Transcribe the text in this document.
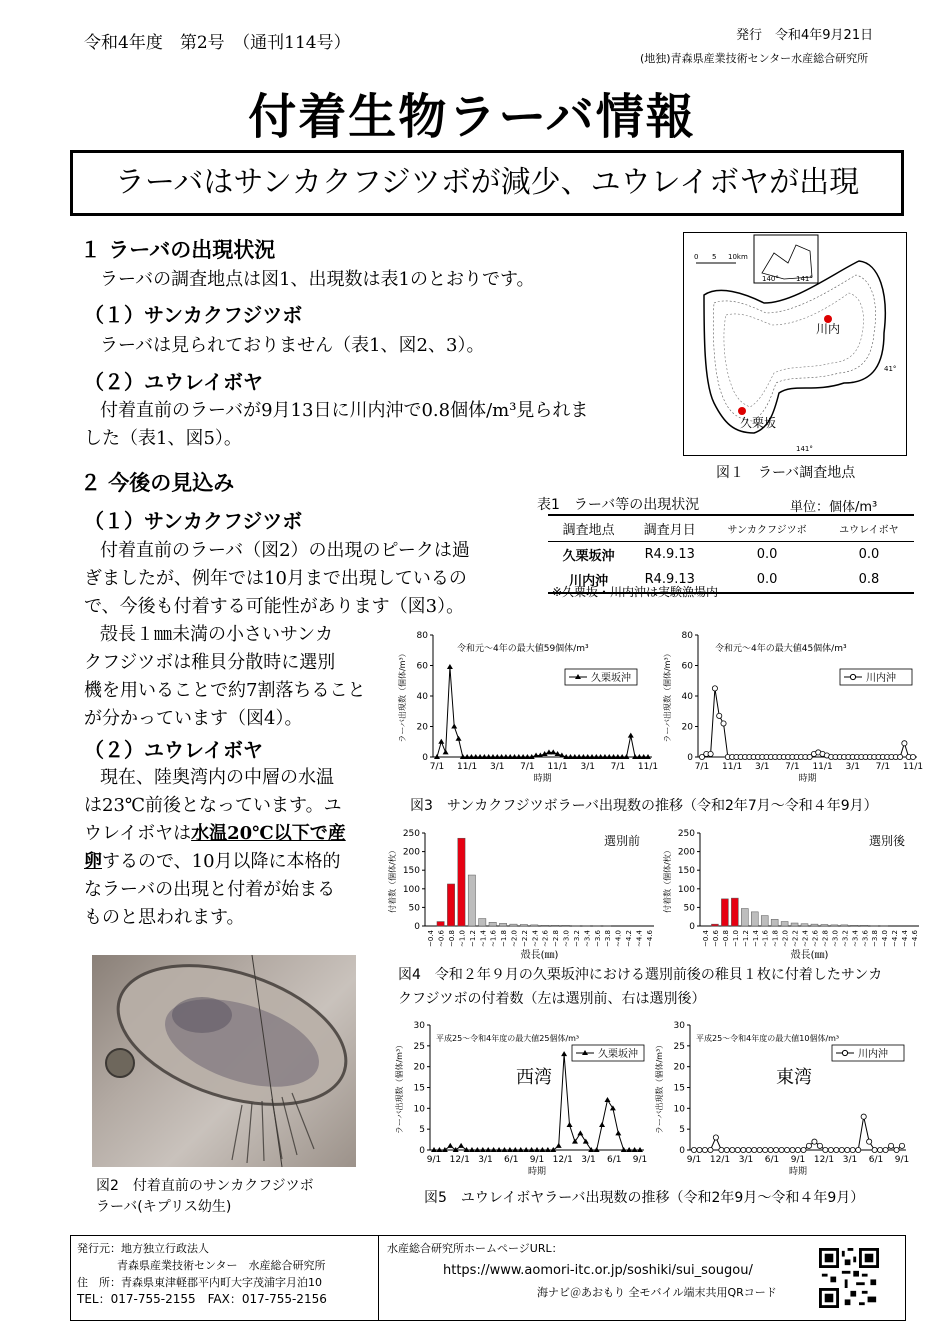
令和4年度　第2号　（通刊114号）	発行　令和4年9月21日
(地独)青森県産業技術センター水産総合研究所
付着生物ラーバ情報
ラーバはサンカクフジツボが減少、ユウレイボヤが出現
１ ラーバの出現状況
ラーバの調査地点は図1、出現数は表1のとおりです。
（１）サンカクフジツボ
ラーバは見られておりません（表1、図2、3）。
（２）ユウレイボヤ
付着直前のラーバが9月13日に川内沖で0.8個体/m³見られま
した（表1、図5）。
0 5 10km
140° 141°
41°
141°
川内
久栗坂
図１　ラーバ調査地点
２ 今後の見込み
（１）サンカクフジツボ
付着直前のラーバ（図2）の出現のピークは過
ぎましたが、例年では10月まで出現しているの
で、今後も付着する可能性があります（図3）。
殻長１㎜未満の小さいサンカ
クフジツボは稚貝分散時に選別
機を用いることで約7割落ちること
が分かっています（図4）。
（２）ユウレイボヤ
現在、陸奥湾内の中層の水温
は23℃前後となっています。ユ
ウレイボヤは水温20℃以下で産
卵するので、10月以降に本格的
なラーバの出現と付着が始まる
ものと思われます。
表1　ラーバ等の出現状況	単位：個体/m³
調査地点	調査月日	サンカクフジツボ	ユウレイボヤ
久栗坂沖	R4.9.13	0.0	0.0
川内沖	R4.9.13	0.0	0.8
※久栗坂・川内沖は実験漁場内
0
20
40
60
80
ラーバ出現数（個体/m³）
7/1 11/1 3/1 7/1 11/1 3/1 7/1 11/1
時期
令和元〜4年の最大値59個体/m³
久栗坂沖
0
20
40
60
80
ラーバ出現数（個体/m³）
7/1 11/1 3/1 7/1 11/1 3/1 7/1 11/1
時期
令和元〜4年の最大値45個体/m³
川内沖
図3　サンカクフジツボラーバ出現数の推移（令和2年7月〜令和４年9月）
0
50
100
150
200
250
付着数（個体/枚）
~0.4 ~0.6 ~0.8 ~1.0 ~1.2 ~1.4 ~1.6 ~1.8 ~2.0 ~2.2 ~2.4 ~2.6 ~2.8 ~3.0 ~3.2 ~3.4 ~3.6 ~3.8 ~4.0 ~4.2 ~4.4 ~4.6
殻長(㎜)
選別前
0
50
100
150
200
250
付着数（個体/枚）
~0.4 ~0.6 ~0.8 ~1.0 ~1.2 ~1.4 ~1.6 ~1.8 ~2.0 ~2.2 ~2.4 ~2.6 ~2.8 ~3.0 ~3.2 ~3.4 ~3.6 ~3.8 ~4.0 ~4.2 ~4.4 ~4.6
殻長(㎜)
選別後
図4　令和２年９月の久栗坂沖における選別前後の稚貝１枚に付着したサンカ
クフジツボの付着数（左は選別前、右は選別後）
0
5
10
15
20
25
30
ラーバ出現数（個体/m³）
9/1 12/1 3/1 6/1 9/1 12/1 3/1 6/1 9/1
時期
平成25〜令和4年度の最大値25個体/m³
久栗坂沖
0
5
10
15
20
25
30
ラーバ出現数（個体/m³）
9/1 12/1 3/1 6/1 9/1 12/1 3/1 6/1 9/1
時期
平成25〜令和4年度の最大値10個体/m³
川内沖
西湾	東湾
図5　ユウレイボヤラーバ出現数の推移（令和2年9月〜令和４年9月）
図2　付着直前のサンカクフジツボ
ラーバ(キプリス幼生)
発行元：地方独立行政法人
青森県産業技術センター　水産総合研究所
住　所：青森県東津軽郡平内町大字茂浦字月泊10
TEL：017-755-2155　FAX：017-755-2156
水産総合研究所ホームページURL：
https://www.aomori-itc.or.jp/soshiki/sui_sougou/
海ナビ＠あおもり 全モバイル端末共用QRコード
